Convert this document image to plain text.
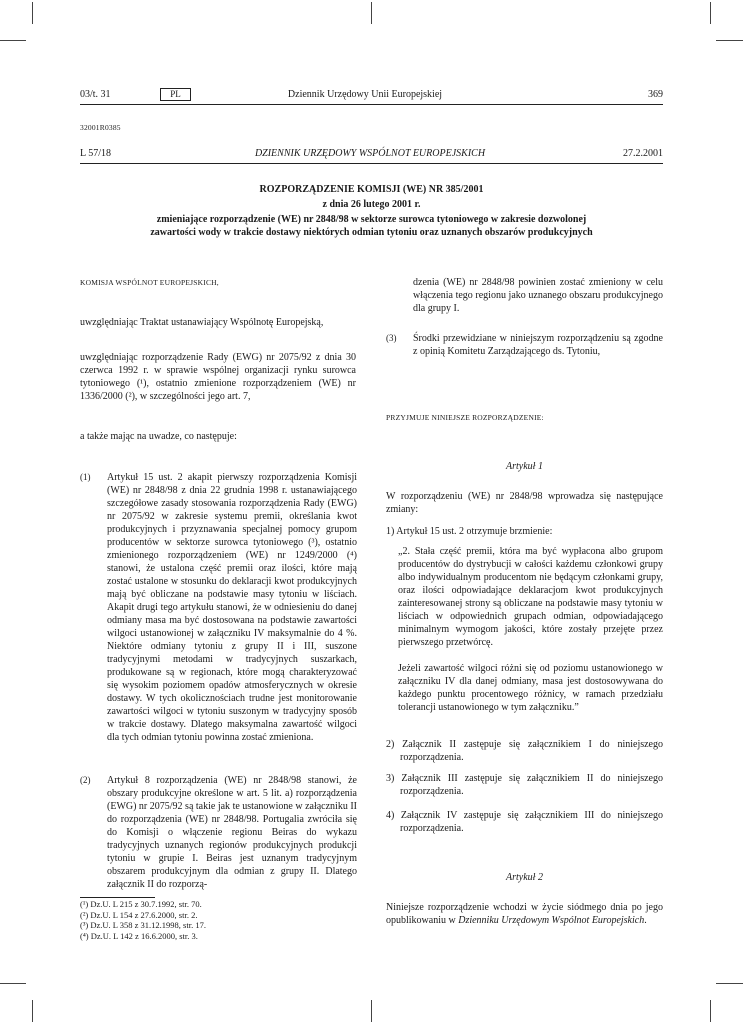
03/t. 31	PL	Dziennik Urzędowy Unii Europejskiej	369
32001R0385
L 57/18	DZIENNIK URZĘDOWY WSPÓLNOT EUROPEJSKICH	27.2.2001
ROZPORZĄDZENIE KOMISJI (WE) NR 385/2001
z dnia 26 lutego 2001 r.
zmieniające rozporządzenie (WE) nr 2848/98 w sektorze surowca tytoniowego w zakresie dozwolonej zawartości wody w trakcie dostawy niektórych odmian tytoniu oraz uznanych obszarów produkcyjnych
KOMISJA WSPÓLNOT EUROPEJSKICH,

uwzględniając Traktat ustanawiający Wspólnotę Europejską,

uwzględniając rozporządzenie Rady (EWG) nr 2075/92 z dnia 30 czerwca 1992 r. w sprawie wspólnej organizacji rynku surowca tytoniowego (¹), ostatnio zmienione rozporządzeniem (WE) nr 1336/2000 (²), w szczególności jego art. 7,

a także mając na uwadze, co następuje:

(1) Artykuł 15 ust. 2 akapit pierwszy rozporządzenia Komisji (WE) nr 2848/98 z dnia 22 grudnia 1998 r. ustanawiającego szczegółowe zasady stosowania rozporządzenia Rady (EWG) nr 2075/92 w zakresie systemu premii, określania kwot produkcyjnych i przyznawania specjalnej pomocy grupom producentów w sektorze surowca tytoniowego (³), ostatnio zmienionego rozporządzeniem (WE) nr 1249/2000 (⁴) stanowi, że ustalona część premii oraz ilości, które mają zostać ustalone w stosunku do deklaracji kwot produkcyjnych mają być obliczane na podstawie masy tytoniu w liściach. Akapit drugi tego artykułu stanowi, że w odniesieniu do danej odmiany masa ma być dostosowana na podstawie zawartości wilgoci ustanowionej w załączniku IV maksymalnie do 4 %. Niektóre odmiany tytoniu z grupy II i III, suszone tradycyjnymi metodami w tradycyjnych suszarkach, produkowane są w regionach, które mogą charakteryzować się wysokim poziomem opadów atmosferycznych w okresie dostawy. W tych okolicznościach trudne jest monitorowanie zawartości wilgoci w tytoniu suszonym w tradycyjny sposób w trakcie dostawy. Dlatego maksymalna zawartość wilgoci dla tych odmian tytoniu powinna zostać zmieniona.

(2) Artykuł 8 rozporządzenia (WE) nr 2848/98 stanowi, że obszary produkcyjne określone w art. 5 lit. a) rozporządzenia (EWG) nr 2075/92 są takie jak te ustanowione w załączniku II do rozporządzenia (WE) nr 2848/98. Portugalia zwróciła się do Komisji o włączenie regionu Beiras do wykazu tradycyjnych uznanych regionów produkcyjnych produkcji tytoniu w grupie I. Beiras jest uznanym tradycyjnym obszarem produkcyjnym dla odmian z grupy II. Dlatego załącznik II do rozporzą-

(¹) Dz.U. L 215 z 30.7.1992, str. 70.
(²) Dz.U. L 154 z 27.6.2000, str. 2.
(³) Dz.U. L 358 z 31.12.1998, str. 17.
(⁴) Dz.U. L 142 z 16.6.2000, str. 3.

dzenia (WE) nr 2848/98 powinien zostać zmieniony w celu włączenia tego regionu jako uznanego obszaru produkcyjnego dla grupy I.

(3) Środki przewidziane w niniejszym rozporządzeniu są zgodne z opinią Komitetu Zarządzającego ds. Tytoniu,

PRZYJMUJE NINIEJSZE ROZPORZĄDZENIE:
Artykuł 1

W rozporządzeniu (WE) nr 2848/98 wprowadza się następujące zmiany:

1) Artykuł 15 ust. 2 otrzymuje brzmienie:

„2. Stała część premii, która ma być wypłacona albo grupom producentów do dystrybucji w całości każdemu członkowi grupy albo indywidualnym producentom nie będącym członkami grupy, oraz ilości odpowiadające deklaracjom kwot produkcyjnych zainteresowanej strony są obliczane na podstawie masy tytoniu w liściach w odpowiednich grupach odmian, odpowiadającego minimalnym wymogom jakości, które zostały przejęte przez pierwszego przetwórcę.

Jeżeli zawartość wilgoci różni się od poziomu ustanowionego w załączniku IV dla danej odmiany, masa jest dostosowywana do każdego punktu procentowego różnicy, w ramach przedziału tolerancji ustanowionego w tym załączniku.”

2) Załącznik II zastępuje się załącznikiem I do niniejszego rozporządzenia.

3) Załącznik III zastępuje się załącznikiem II do niniejszego rozporządzenia.

4) Załącznik IV zastępuje się załącznikiem III do niniejszego rozporządzenia.

Artykuł 2

Niniejsze rozporządzenie wchodzi w życie siódmego dnia po jego opublikowaniu w Dzienniku Urzędowym Wspólnot Europejskich.
